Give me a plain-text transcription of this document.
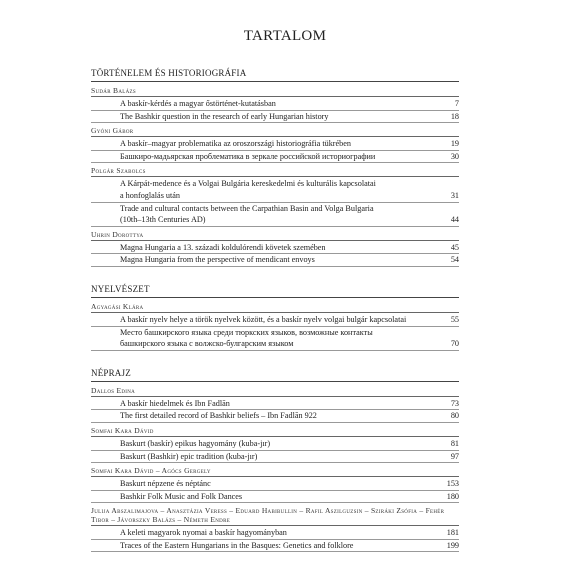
TARTALOM
TÖRTÉNELEM ÉS HISTORIOGRÁFIA
Sudár Balázs
A baskír-kérdés a magyar őstörténet-kutatásban	7
The Bashkir question in the research of early Hungarian history	18
Gyóni Gábor
A baskír–magyar problematika az oroszországi historiográfia tükrében	19
Башкиро-мадьярская проблематика в зеркале российской историографии	30
Polgár Szabolcs
A Kárpát-medence és a Volgai Bulgária kereskedelmi és kulturális kapcsolatai
a honfoglalás után	31
Trade and cultural contacts between the Carpathian Basin and Volga Bulgaria
(10th–13th Centuries AD)	44
Uhrin Dorottya
Magna Hungaria a 13. századi koldulórendi követek szemében	45
Magna Hungaria from the perspective of mendicant envoys	54
NYELVÉSZET
Agyagási Klára
A baskír nyelv helye a török nyelvek között, és a baskír nyelv volgai bulgár kapcsolatai	55
Место башкирского языка среди тюркских языков, возможные контакты
башкирского языка с волжско-булгарским языком	70
NÉPRAJZ
Dallos Edina
A baskír hiedelmek és Ibn Fadlān	73
The first detailed record of Bashkir beliefs – Ibn Fadlān 922	80
Somfai Kara Dávid
Baskurt (baskír) epikus hagyomány (kuba-jır)	81
Baskurt (Bashkir) epic tradition (kuba-jır)	97
Somfai Kara Dávid – Agócs Gergely
Baskurt népzene és néptánc	153
Bashkir Folk Music and Folk Dances	180
Julija Abszalimajova – Anasztázia Veress – Eduard Habibullin – Rafil Aszilguzsin – Sziráki Zsófia – Fehér Tibor – Jávorszky Balázs – Németh Endre
A keleti magyarok nyomai a baskír hagyományban	181
Traces of the Eastern Hungarians in the Basques: Genetics and folklore	199
